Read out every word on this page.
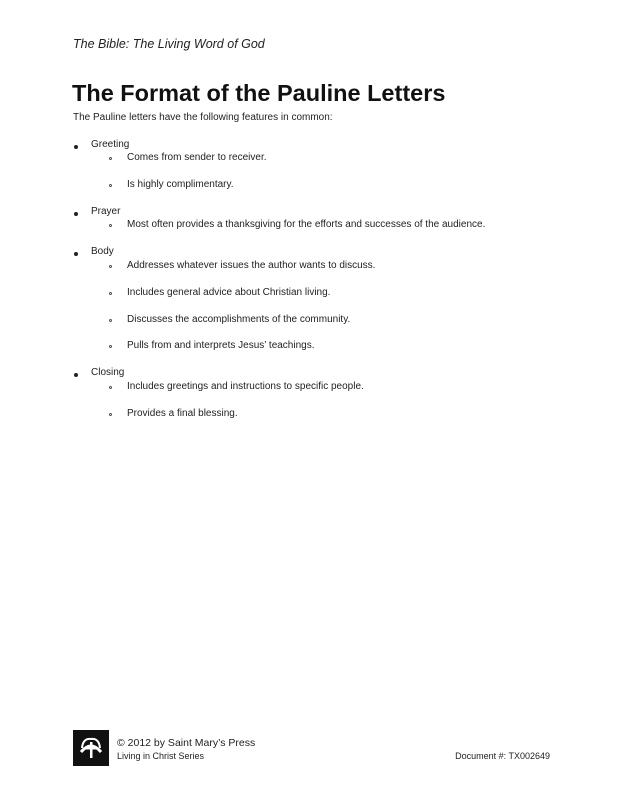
The Bible: The Living Word of God
The Format of the Pauline Letters
The Pauline letters have the following features in common:
Greeting
Comes from sender to receiver.
Is highly complimentary.
Prayer
Most often provides a thanksgiving for the efforts and successes of the audience.
Body
Addresses whatever issues the author wants to discuss.
Includes general advice about Christian living.
Discusses the accomplishments of the community.
Pulls from and interprets Jesus’ teachings.
Closing
Includes greetings and instructions to specific people.
Provides a final blessing.
© 2012 by Saint Mary’s Press
Living in Christ Series	Document #: TX002649
